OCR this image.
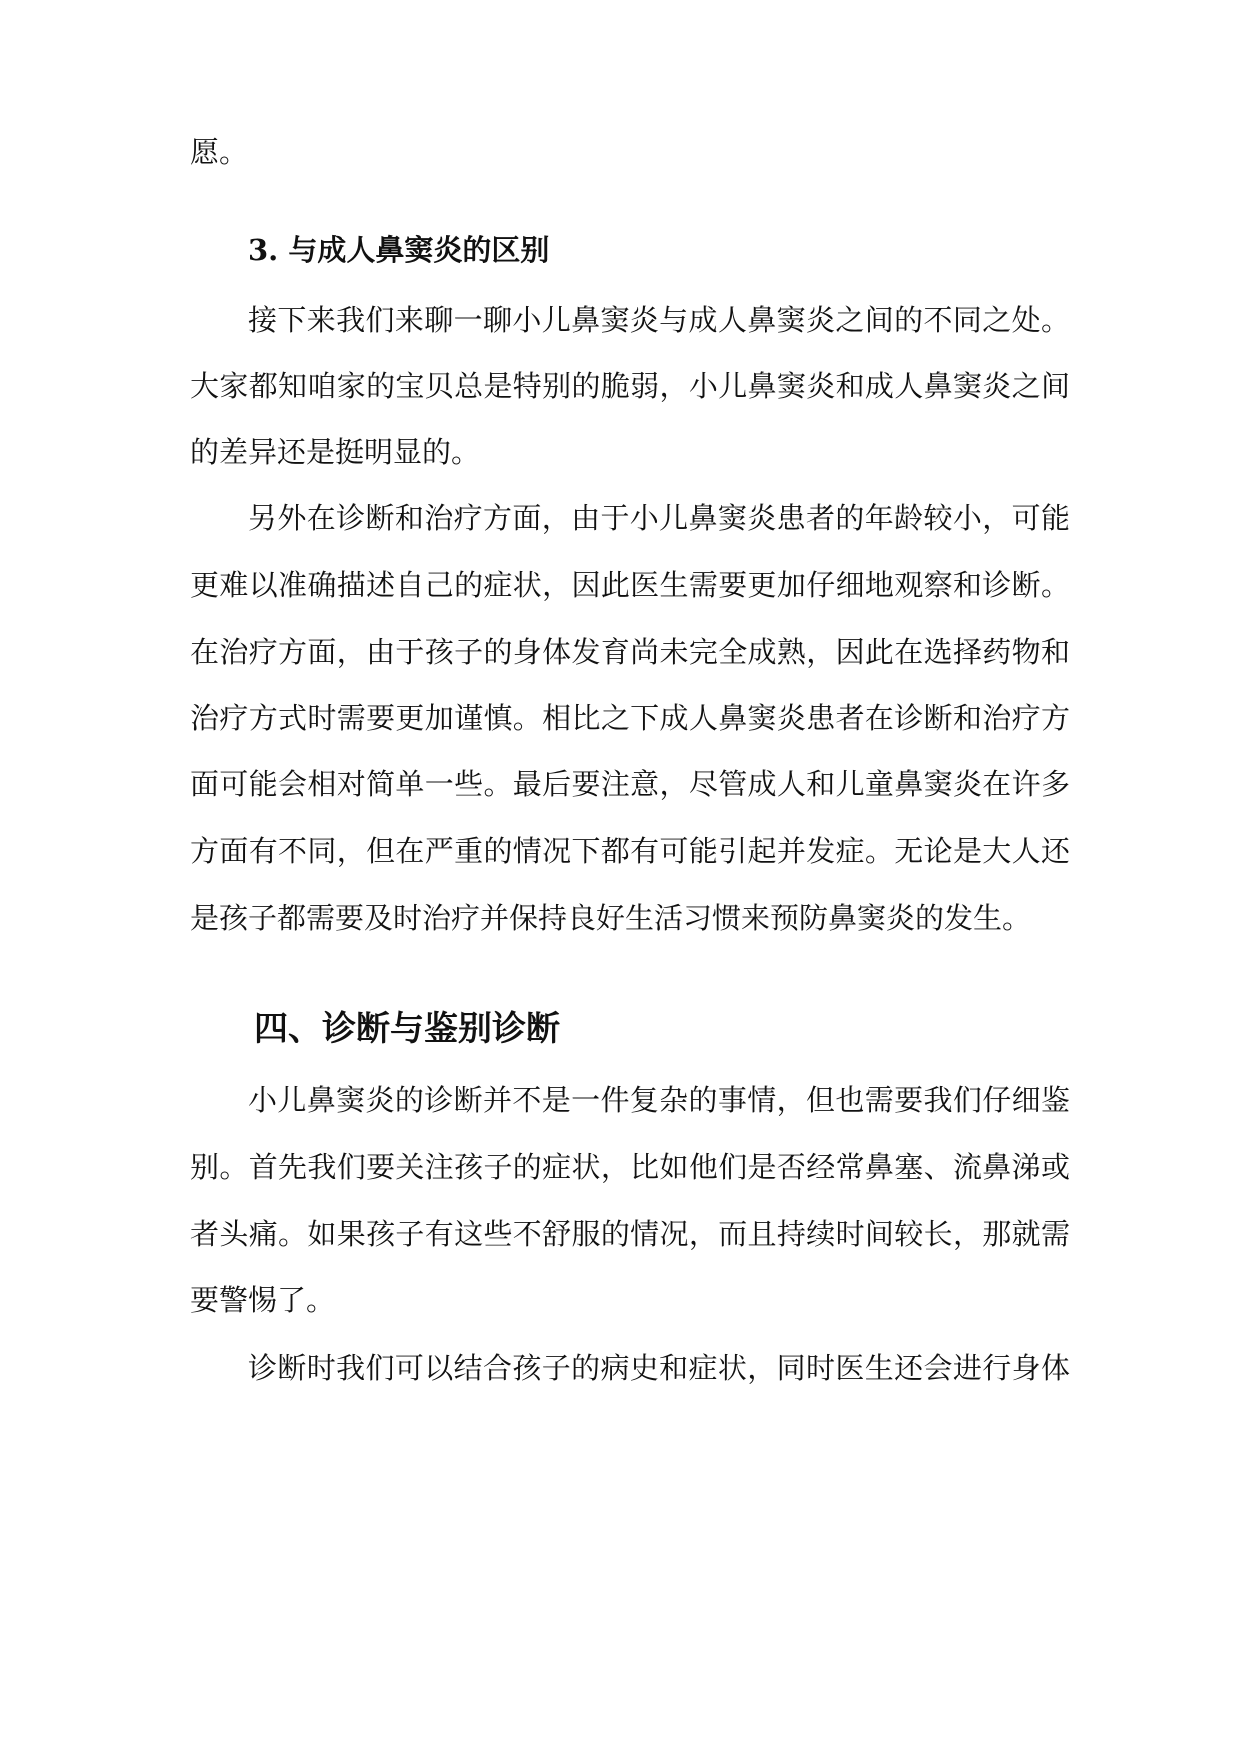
愿。
3. 与成人鼻窦炎的区别
接下来我们来聊一聊小儿鼻窦炎与成人鼻窦炎之间的不同之处。
大家都知咱家的宝贝总是特别的脆弱，小儿鼻窦炎和成人鼻窦炎之间
的差异还是挺明显的。
另外在诊断和治疗方面，由于小儿鼻窦炎患者的年龄较小，可能
更难以准确描述自己的症状，因此医生需要更加仔细地观察和诊断。
在治疗方面，由于孩子的身体发育尚未完全成熟，因此在选择药物和
治疗方式时需要更加谨慎。相比之下成人鼻窦炎患者在诊断和治疗方
面可能会相对简单一些。最后要注意，尽管成人和儿童鼻窦炎在许多
方面有不同，但在严重的情况下都有可能引起并发症。无论是大人还
是孩子都需要及时治疗并保持良好生活习惯来预防鼻窦炎的发生。
四、诊断与鉴别诊断
小儿鼻窦炎的诊断并不是一件复杂的事情，但也需要我们仔细鉴
别。首先我们要关注孩子的症状，比如他们是否经常鼻塞、流鼻涕或
者头痛。如果孩子有这些不舒服的情况，而且持续时间较长，那就需
要警惕了。
诊断时我们可以结合孩子的病史和症状，同时医生还会进行身体
